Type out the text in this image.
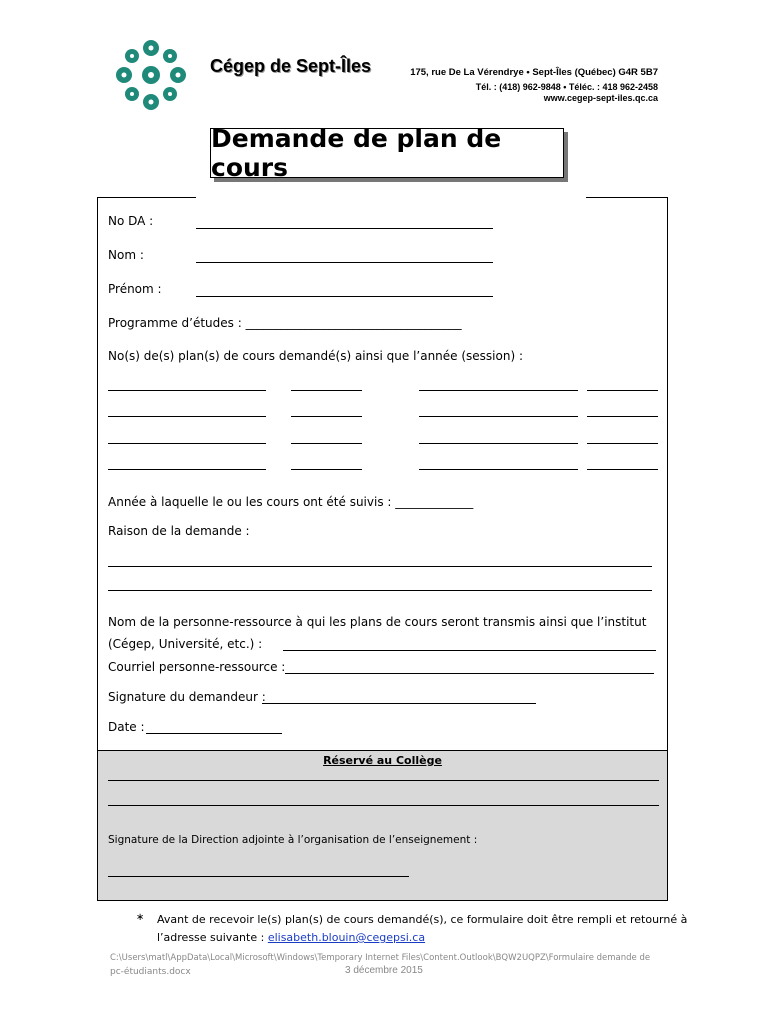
Cégep de Sept-Îles	175, rue De La Vérendrye • Sept-Îles (Québec) G4R 5B7
Tél. : (418) 962-9848 • Téléc. : 418 962-2458
www.cegep-sept-iles.qc.ca
Demande de plan de cours
No DA :
Nom :
Prénom :
Programme d’études : ____________________________________
No(s) de(s) plan(s) de cours demandé(s) ainsi que l’année (session) :
Année à laquelle le ou les cours ont été suivis : _____________
Raison de la demande :
Nom de la personne-ressource à qui les plans de cours seront transmis ainsi que l’institut
(Cégep, Université, etc.) :
Courriel personne-ressource :
Signature du demandeur :
Date :
Réservé au Collège
Signature de la Direction adjointe à l’organisation de l’enseignement :
∗ Avant de recevoir le(s) plan(s) de cours demandé(s), ce formulaire doit être rempli et retourné à
l’adresse suivante : elisabeth.blouin@cegepsi.ca
C:\Users\matl\AppData\Local\Microsoft\Windows\Temporary Internet Files\Content.Outlook\BQW2UQPZ\Formulaire demande de
pc-étudiants.docx	3 décembre 2015
